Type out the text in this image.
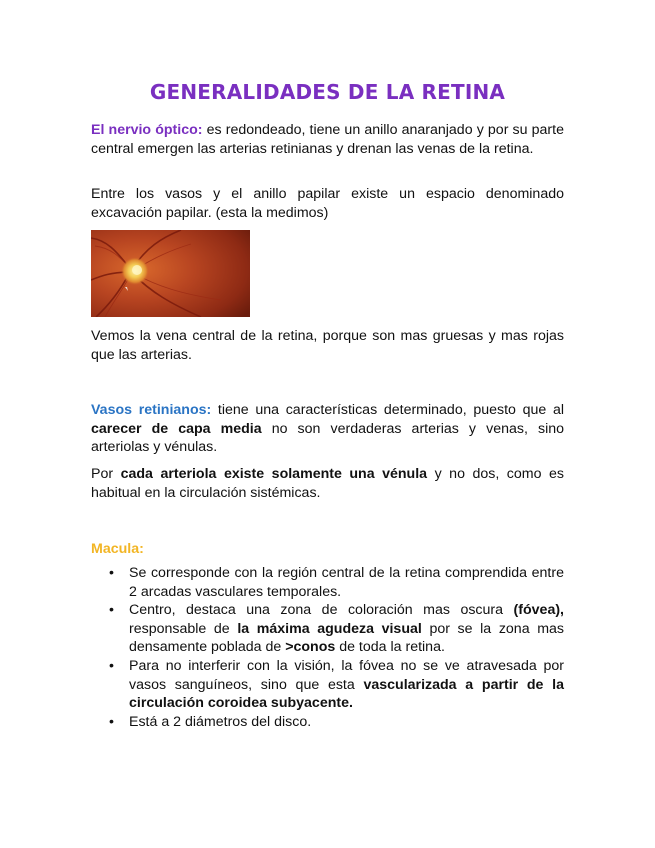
GENERALIDADES DE LA RETINA
El nervio óptico: es redondeado, tiene un anillo anaranjado y por su parte central emergen las arterias retinianas y drenan las venas de la retina.
Entre los vasos y el anillo papilar existe un espacio denominado excavación papilar. (esta la medimos)
Vemos la vena central de la retina, porque son mas gruesas y mas rojas que las arterias.
Vasos retinianos: tiene una características determinado, puesto que al carecer de capa media no son verdaderas arterias y venas, sino arteriolas y vénulas.
Por cada arteriola existe solamente una vénula y no dos, como es habitual en la circulación sistémicas.
Macula:
• Se corresponde con la región central de la retina comprendida entre 2 arcadas vasculares temporales.
• Centro, destaca una zona de coloración mas oscura (fóvea), responsable de la máxima agudeza visual por se la zona mas densamente poblada de >conos de toda la retina.
• Para no interferir con la visión, la fóvea no se ve atravesada por vasos sanguíneos, sino que esta vascularizada a partir de la circulación coroidea subyacente.
• Está a 2 diámetros del disco.
